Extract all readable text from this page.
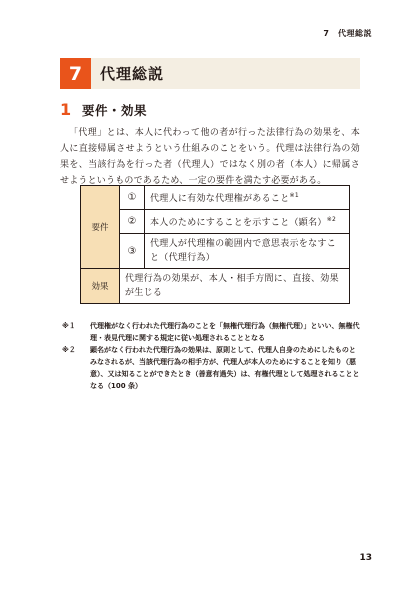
7　代理総説
7	代理総説
1 要件・効果
「代理」とは、本人に代わって他の者が行った法律行為の効果を、本人に直接帰属させようという仕組みのことをいう。代理は法律行為の効果を、当該行為を行った者（代理人）ではなく別の者（本人）に帰属させようというものであるため、一定の要件を満たす必要がある。
要件	①	代理人に有効な代理権があること$^{※1}$
	②	本人のためにすることを示すこと（顕名）$^{※2}$
	③	代理人が代理権の範囲内で意思表示をなすこと（代理行為）
効果	代理行為の効果が、本人・相手方間に、直接、効果が生じる	
※１	代理権がなく行われた代理行為のことを「無権代理行為（無権代理）」といい、無権代理・表見代理に関する規定に従い処理されることとなる
※２	顕名がなく行われた代理行為の効果は、原則として、代理人自身のためにしたものとみなされるが、当該代理行為の相手方が、代理人が本人のためにすることを知り（悪意）、又は知ることができたとき（善意有過失）は、有権代理として処理されることとなる（100 条）
13
